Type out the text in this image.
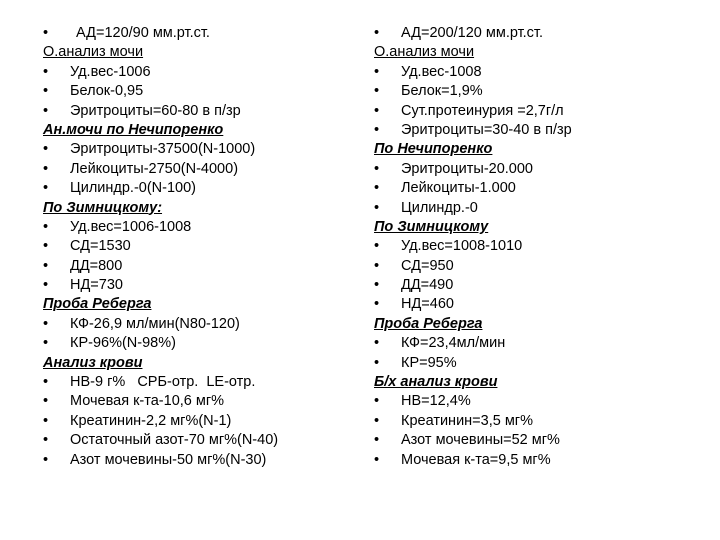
• АД=120/90 мм.рт.ст.
О.анализ мочи
• Уд.вес-1006
• Белок-0,95
• Эритроциты=60-80 в п/зр
Ан.мочи по Нечипоренко
• Эритроциты-37500(N-1000)
• Лейкоциты-2750(N-4000)
• Цилиндр.-0(N-100)
По Зимницкому:
• Уд.вес=1006-1008
• СД=1530
• ДД=800
• НД=730
Проба Реберга
• КФ-26,9 мл/мин(N80-120)
• КР-96%(N-98%)
Анализ крови
• НВ-9 г%   СРБ-отр.  LE-отр.
• Мочевая к-та-10,6 мг%
• Креатинин-2,2 мг%(N-1)
• Остаточный азот-70 мг%(N-40)
• Азот мочевины-50 мг%(N-30)
• АД=200/120 мм.рт.ст.
О.анализ мочи
• Уд.вес-1008
• Белок=1,9%
• Сут.протеинурия =2,7г/л
• Эритроциты=30-40 в п/зр
По Нечипоренко
• Эритроциты-20.000
• Лейкоциты-1.000
• Цилиндр.-0
По Зимницкому
• Уд.вес=1008-1010
• СД=950
• ДД=490
• НД=460
Проба Реберга
• КФ=23,4мл/мин
• КР=95%
Б/х анализ крови
• НВ=12,4%
• Креатинин=3,5 мг%
• Азот мочевины=52 мг%
• Мочевая к-та=9,5 мг%
